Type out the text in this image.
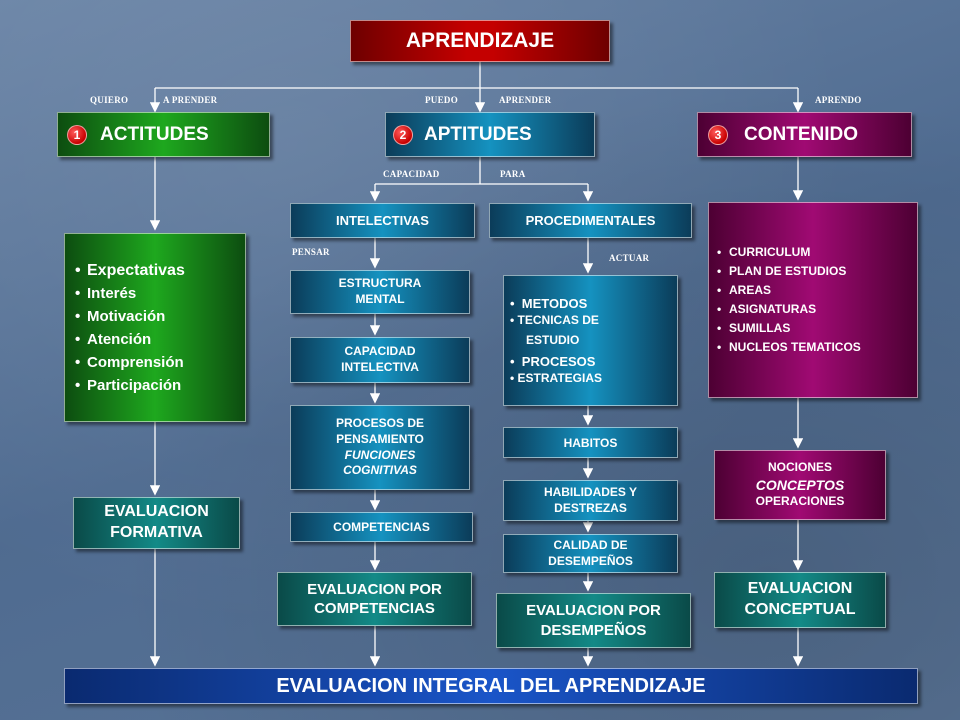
APRENDIZAJE
QUIERO	A PRENDER	PUEDO	APRENDER	APRENDO
CAPACIDAD	PARA
PENSAR
ACTUAR
ACTITUDES
1	APTITUDES
2	CONTENIDO
3
• Expectativas
• Interés
• Motivación
• Atención
• Comprensión
• Participación
EVALUACION
FORMATIVA
INTELECTIVAS
ESTRUCTURA
MENTAL
CAPACIDAD
INTELECTIVA
PROCESOS DE
PENSAMIENTO
FUNCIONES
COGNITIVAS
COMPETENCIAS
EVALUACION POR
COMPETENCIAS
PROCEDIMENTALES
•  METODOS
• TECNICAS DE
ESTUDIO
•  PROCESOS
• ESTRATEGIAS
HABITOS
HABILIDADES Y
DESTREZAS
CALIDAD DE
DESEMPEÑOS
EVALUACION POR
DESEMPEÑOS
• CURRICULUM
• PLAN DE ESTUDIOS
• AREAS
• ASIGNATURAS
• SUMILLAS
• NUCLEOS TEMATICOS
NOCIONES
CONCEPTOS
OPERACIONES
EVALUACION
CONCEPTUAL
EVALUACION INTEGRAL DEL APRENDIZAJE
